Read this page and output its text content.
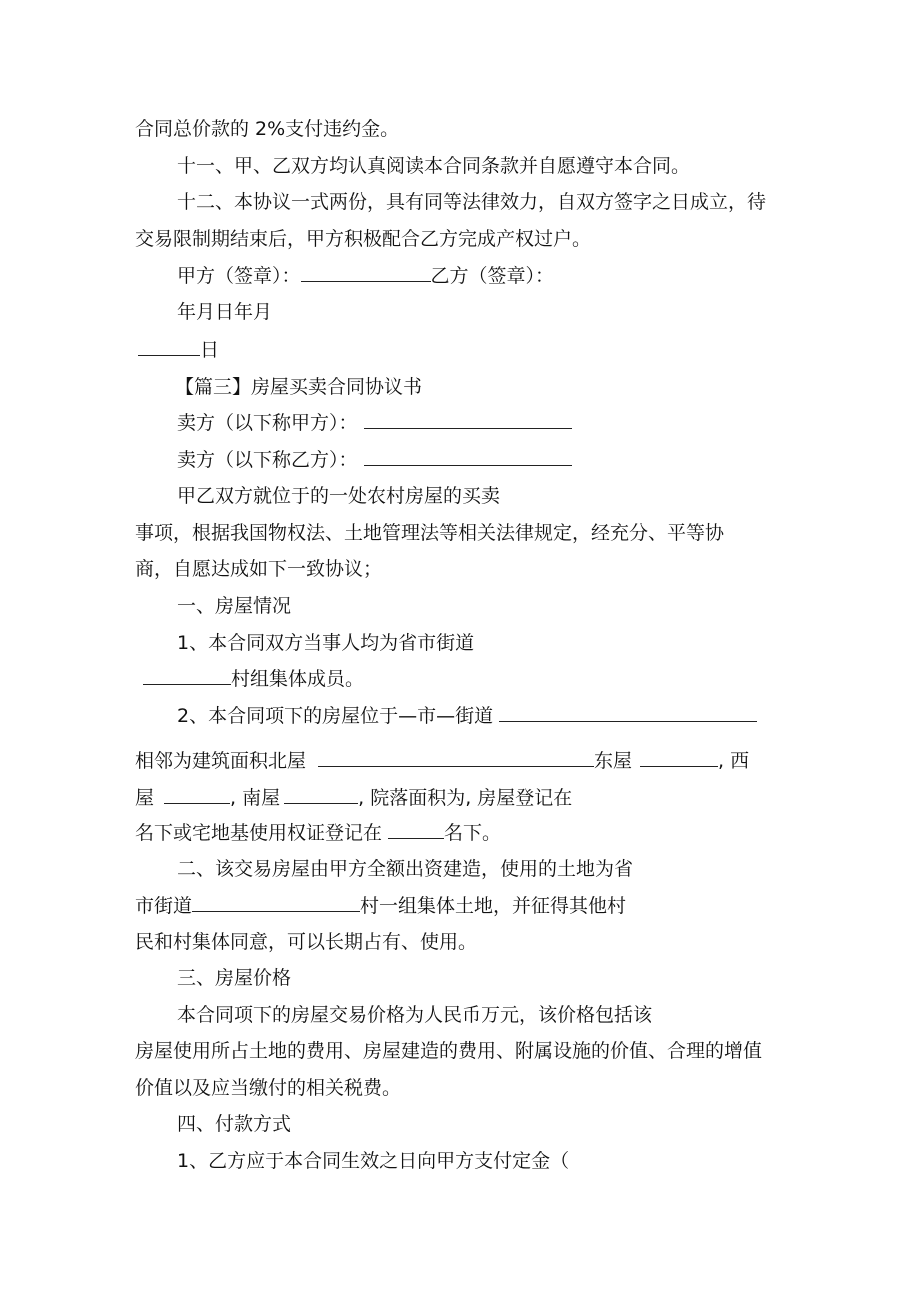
合同总价款的 2%支付违约金。
十一、甲、乙双方均认真阅读本合同条款并自愿遵守本合同。
十二、本协议一式两份，具有同等法律效力，自双方签字之日成立，待
交易限制期结束后，甲方积极配合乙方完成产权过户。
甲方（签章）：	乙方（签章）：
年月日年月
日
【篇三】房屋买卖合同协议书
卖方（以下称甲方）：
卖方（以下称乙方）：
甲乙双方就位于的一处农村房屋的买卖
事项，根据我国物权法、土地管理法等相关法律规定，经充分、平等协
商，自愿达成如下一致协议；
一、房屋情况
1、本合同双方当事人均为省市街道
村组集体成员。
2、本合同项下的房屋位于—市—街道
相邻为建筑面积北屋	东屋	, 西
屋	, 南屋	, 院落面积为, 房屋登记在
名下或宅地基使用权证登记在	名下。
二、该交易房屋由甲方全额出资建造，使用的土地为省
市街道	村一组集体土地，并征得其他村
民和村集体同意，可以长期占有、使用。
三、房屋价格
本合同项下的房屋交易价格为人民币万元，该价格包括该
房屋使用所占土地的费用、房屋建造的费用、附属设施的价值、合理的增值
价值以及应当缴付的相关税费。
四、付款方式
1、乙方应于本合同生效之日向甲方支付定金（
